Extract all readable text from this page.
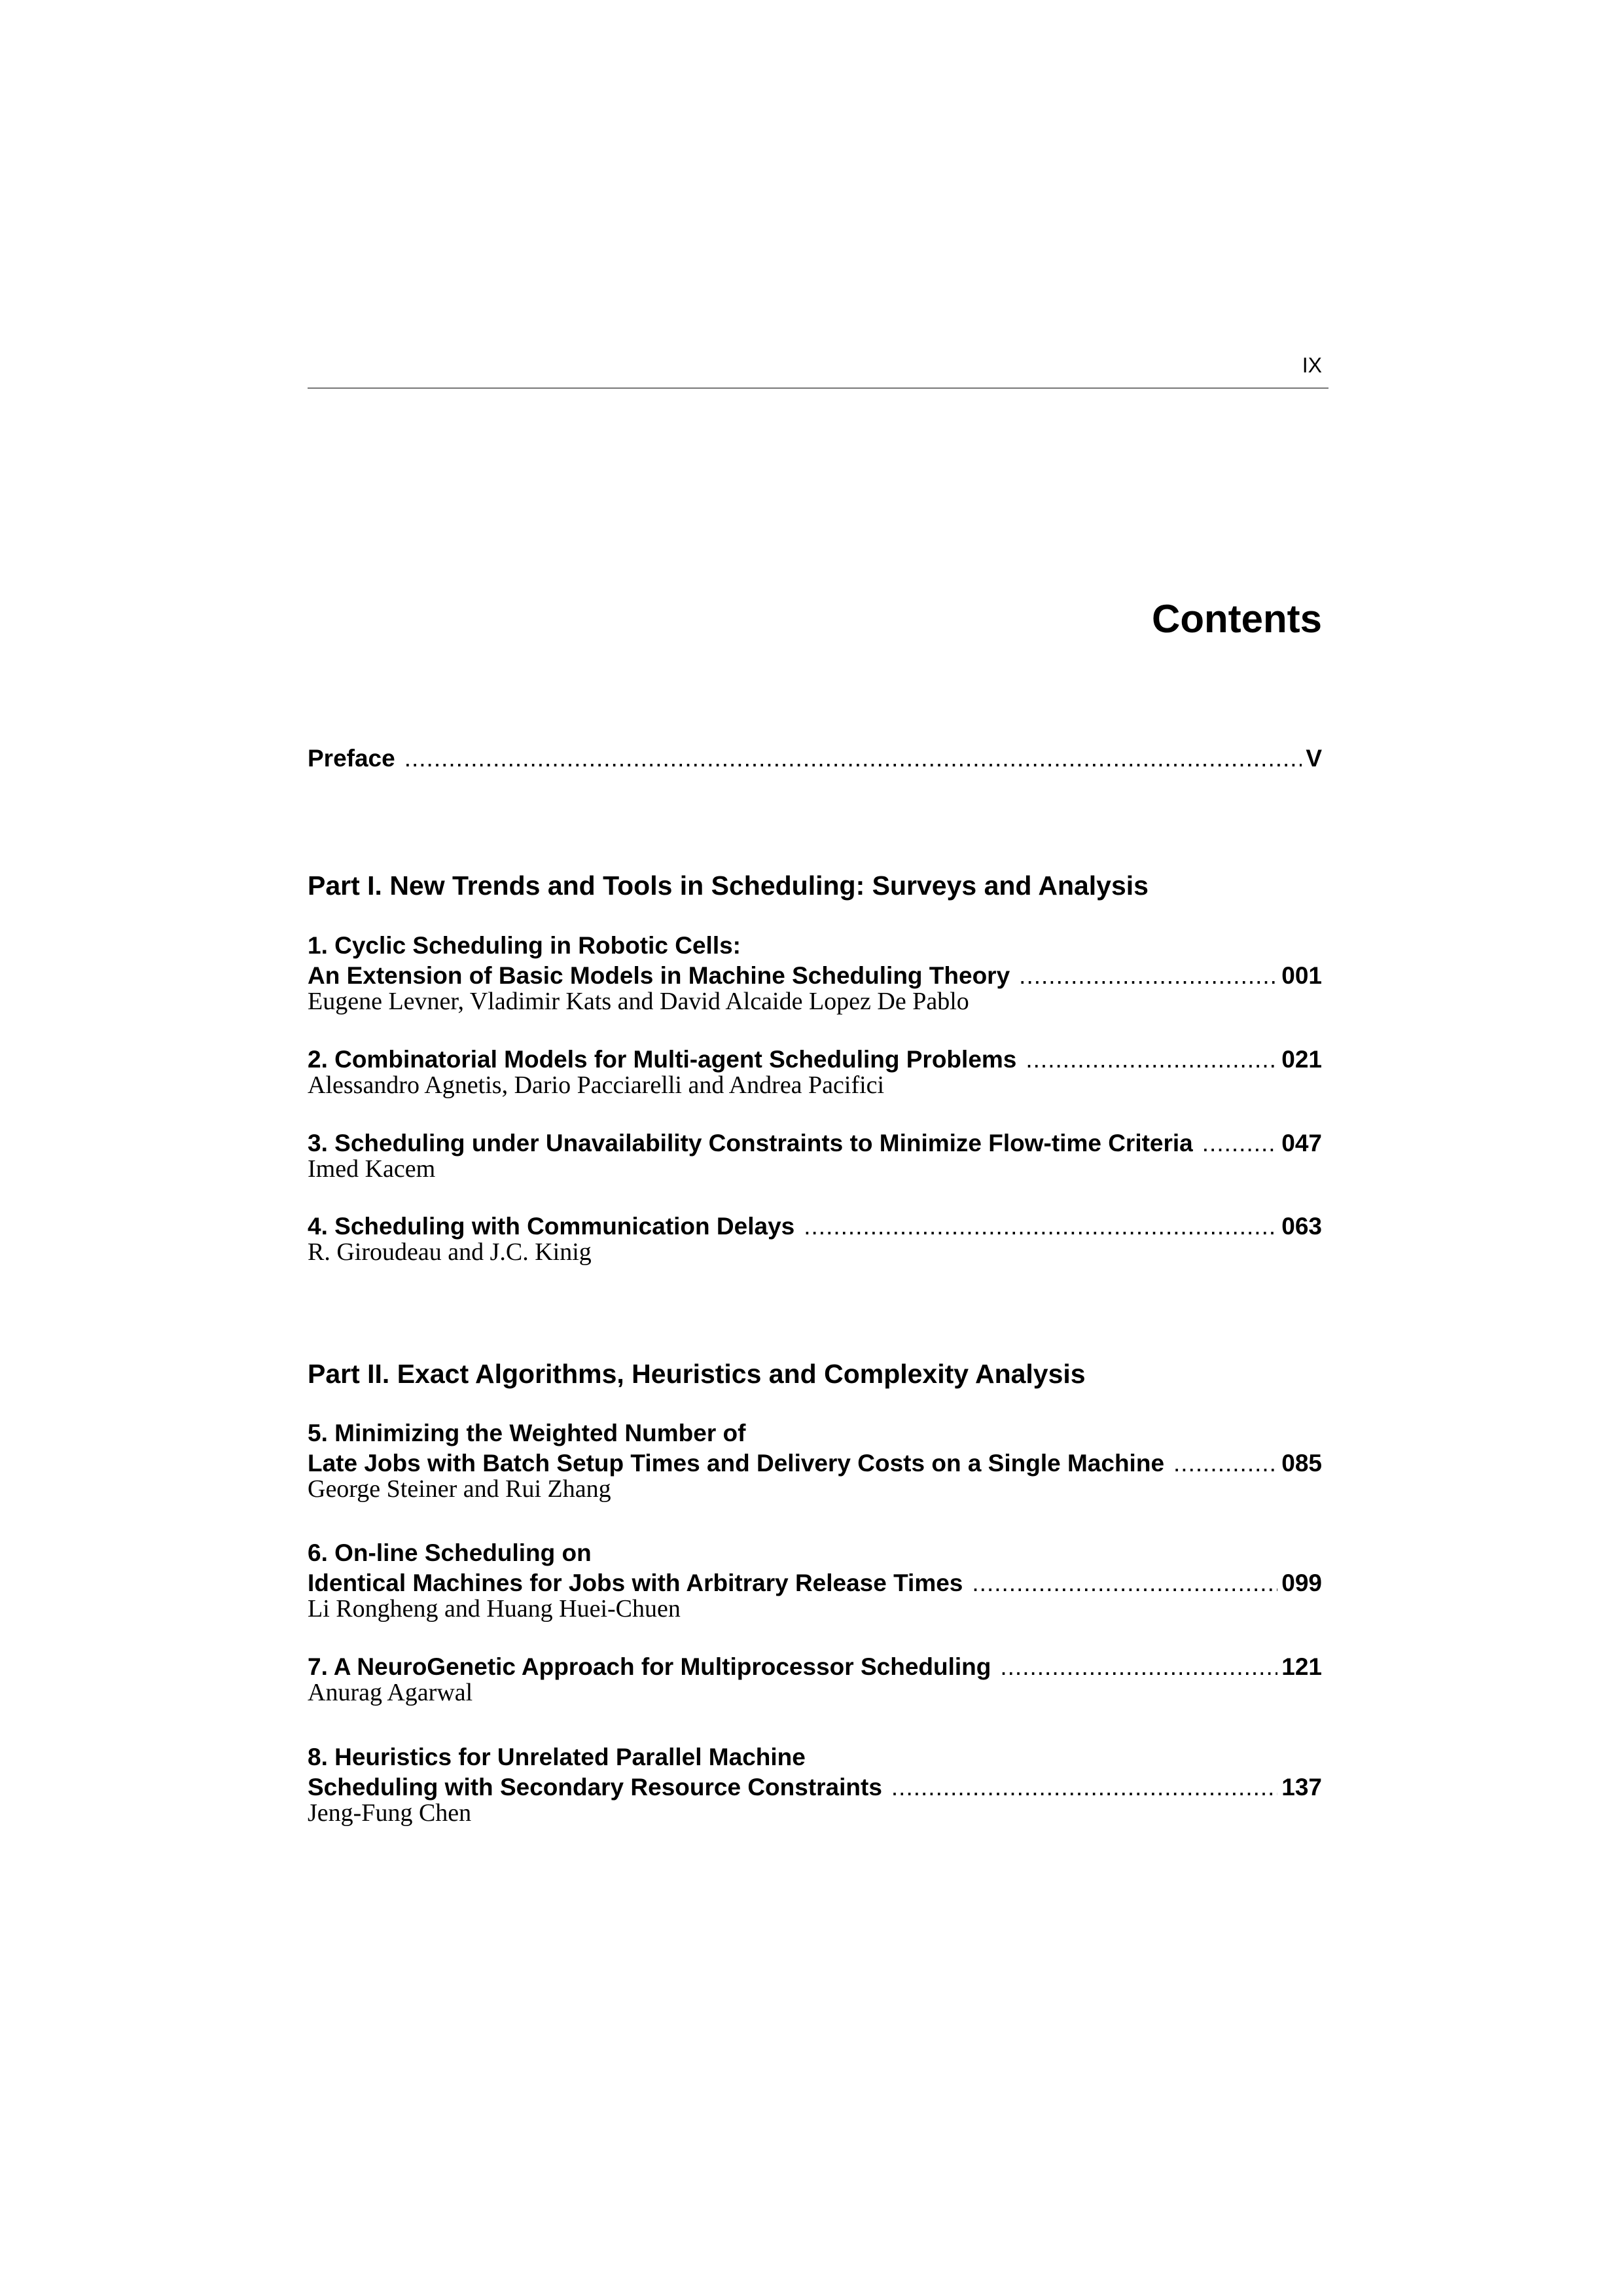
IX
Contents
Preface .....	V
Part I. New Trends and Tools in Scheduling: Surveys and Analysis
1. Cyclic Scheduling in Robotic Cells:
An Extension of Basic Models in Machine Scheduling Theory .....	001
Eugene Levner, Vladimir Kats and David Alcaide Lopez De Pablo
2. Combinatorial Models for Multi-agent Scheduling Problems .....	021
Alessandro Agnetis, Dario Pacciarelli and Andrea Pacifici
3. Scheduling under Unavailability Constraints to Minimize Flow-time Criteria .....	047
Imed Kacem
4. Scheduling with Communication Delays .....	063
R. Giroudeau and J.C. Kinig
Part II. Exact Algorithms, Heuristics and Complexity Analysis
5. Minimizing the Weighted Number of
Late Jobs with Batch Setup Times and Delivery Costs on a Single Machine .....	085
George Steiner and Rui Zhang
6. On-line Scheduling on
Identical Machines for Jobs with Arbitrary Release Times .....	099
Li Rongheng and Huang Huei-Chuen
7. A NeuroGenetic Approach for Multiprocessor Scheduling .....	121
Anurag Agarwal
8. Heuristics for Unrelated Parallel Machine
Scheduling with Secondary Resource Constraints .....	137
Jeng-Fung Chen
